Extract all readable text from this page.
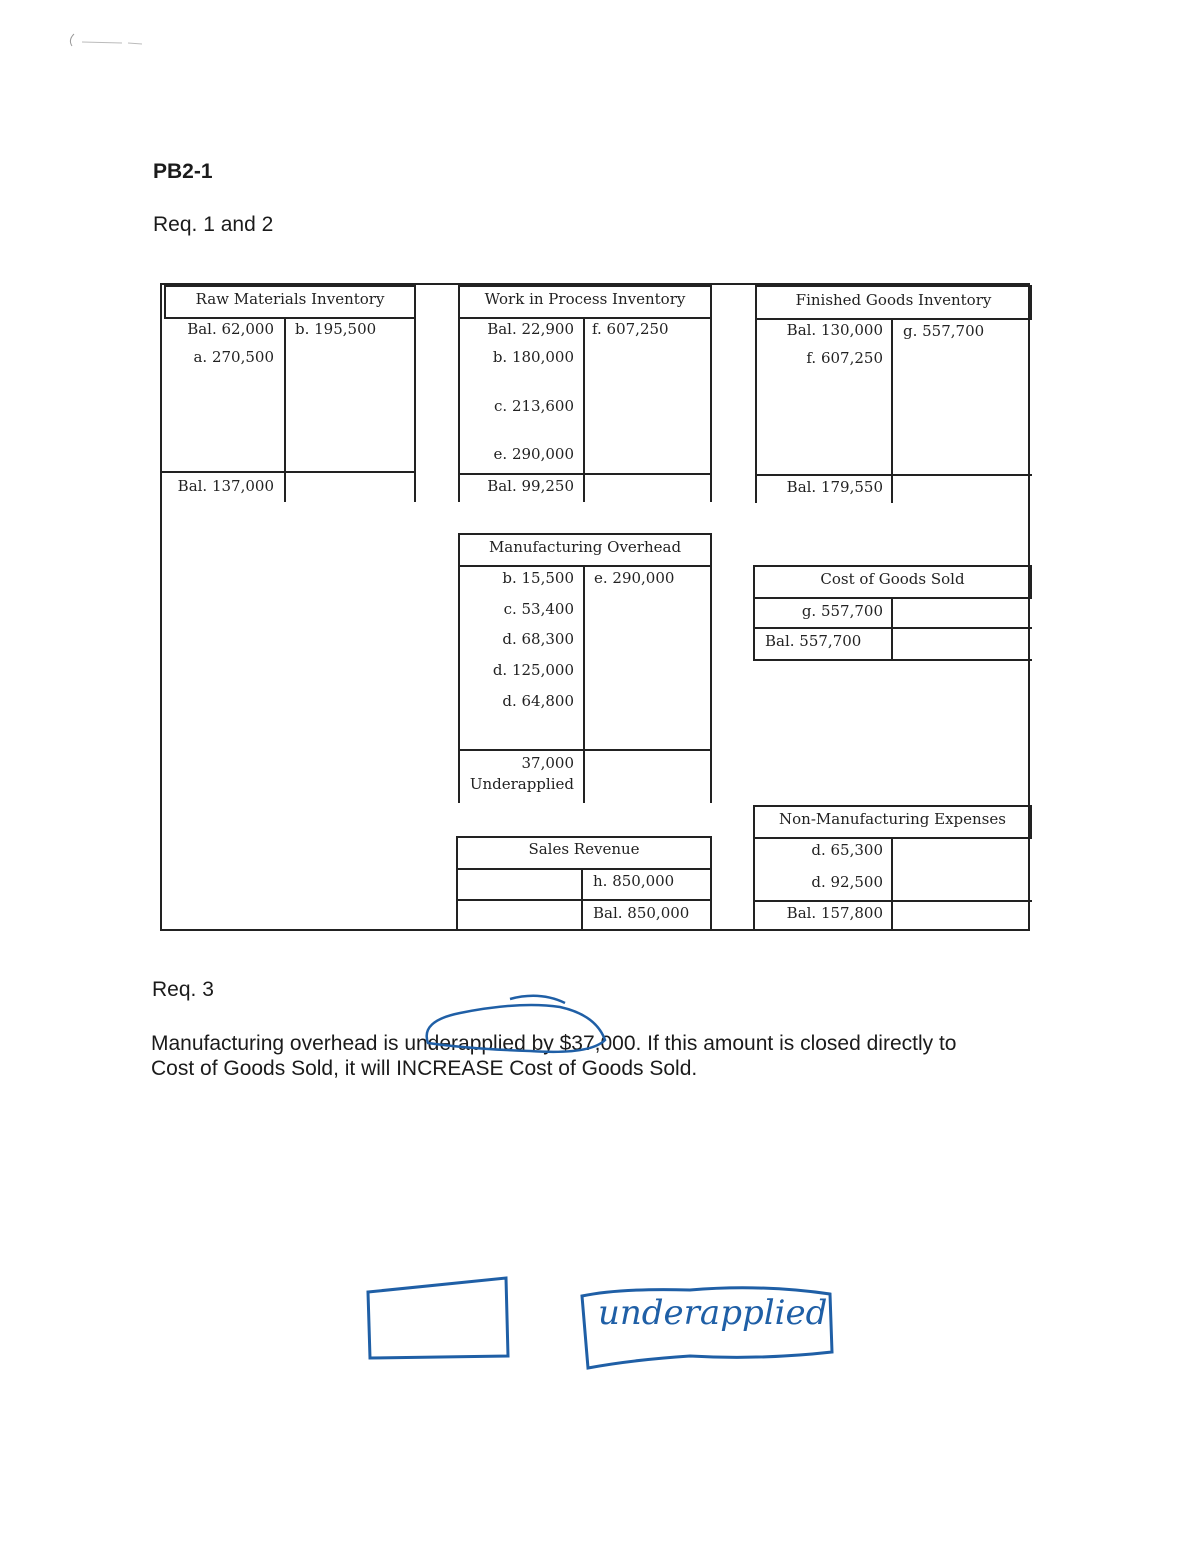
PB2-1
Req. 1 and 2
Raw Materials Inventory
Bal. 62,000
a. 270,500
b. 195,500
Bal. 137,000
Work in Process Inventory
Bal. 22,900
b. 180,000
c. 213,600
e. 290,000
f. 607,250
Bal. 99,250
Finished Goods Inventory
Bal. 130,000
f. 607,250
g. 557,700
Bal. 179,550
Manufacturing Overhead
b. 15,500
c. 53,400
d. 68,300
d. 125,000
d. 64,800
e. 290,000
37,000
Underapplied
Cost of Goods Sold
g. 557,700
Bal. 557,700
Sales Revenue
h. 850,000
Bal. 850,000
Non-Manufacturing Expenses
d. 65,300
d. 92,500
Bal. 157,800
Req. 3
Manufacturing overhead is underapplied by $37,000. If this amount is closed directly to Cost of Goods Sold, it will INCREASE Cost of Goods Sold.
underapplied
